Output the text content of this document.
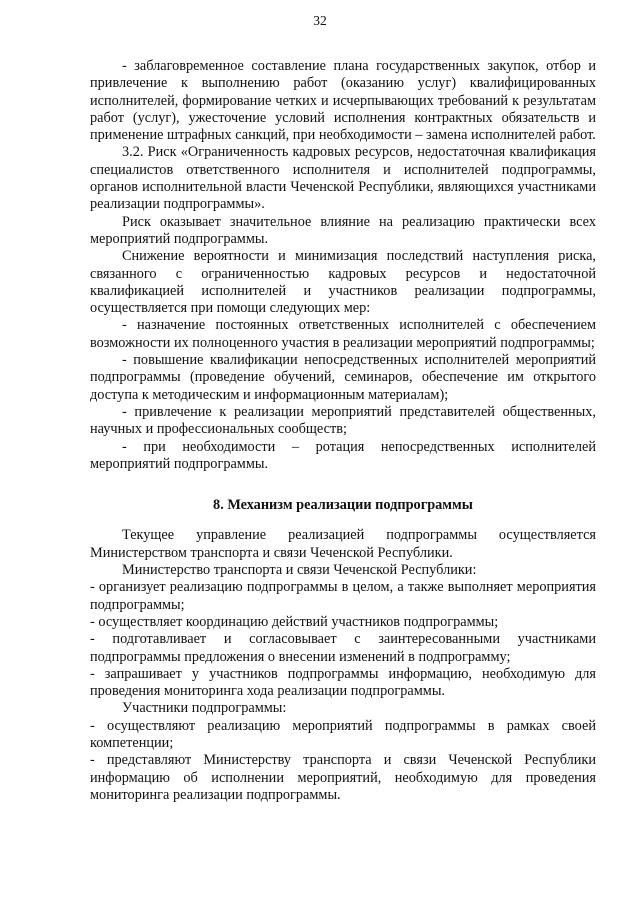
32

- заблаговременное составление плана государственных закупок, отбор и привлечение к выполнению работ (оказанию услуг) квалифицированных исполнителей, формирование четких и исчерпывающих требований к результатам работ (услуг), ужесточение условий исполнения контрактных обязательств и применение штрафных санкций, при необходимости – замена исполнителей работ.

3.2. Риск «Ограниченность кадровых ресурсов, недостаточная квалификация специалистов ответственного исполнителя и исполнителей подпрограммы, органов исполнительной власти Чеченской Республики, являющихся участниками реализации подпрограммы».

Риск оказывает значительное влияние на реализацию практически всех мероприятий подпрограммы.

Снижение вероятности и минимизация последствий наступления риска, связанного с ограниченностью кадровых ресурсов и недостаточной квалификацией исполнителей и участников реализации подпрограммы, осуществляется при помощи следующих мер:

- назначение постоянных ответственных исполнителей с обеспечением возможности их полноценного участия в реализации мероприятий подпрограммы;

- повышение квалификации непосредственных исполнителей мероприятий подпрограммы (проведение обучений, семинаров, обеспечение им открытого доступа к методическим и информационным материалам);

- привлечение к реализации мероприятий представителей общественных, научных и профессиональных сообществ;

- при необходимости – ротация непосредственных исполнителей мероприятий подпрограммы.

8. Механизм реализации подпрограммы

Текущее управление реализацией подпрограммы осуществляется Министерством транспорта и связи Чеченской Республики.

Министерство транспорта и связи Чеченской Республики:

- организует реализацию подпрограммы в целом, а также выполняет мероприятия подпрограммы;

- осуществляет координацию действий участников подпрограммы;

- подготавливает и согласовывает с заинтересованными участниками подпрограммы предложения о внесении изменений в подпрограмму;

- запрашивает у участников подпрограммы информацию, необходимую для проведения мониторинга хода реализации подпрограммы.

Участники подпрограммы:

- осуществляют реализацию мероприятий подпрограммы в рамках своей компетенции;

- представляют Министерству транспорта и связи Чеченской Республики информацию об исполнении мероприятий, необходимую для проведения мониторинга реализации подпрограммы.
